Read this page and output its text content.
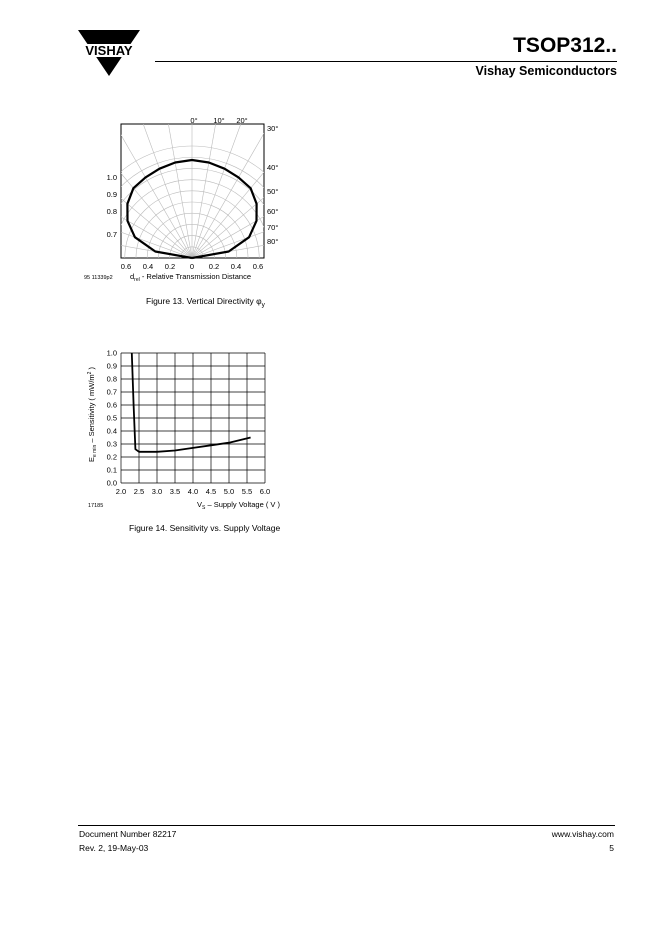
VISHAY	TSOP312..
Vishay Semiconductors
0° 10° 20°
30°
40°
50°
60°
70°
80°
1.0
0.9
0.8
0.7
0.6 0.4 0.2 0 0.2 0.4 0.6
95 11339p2 $d_{rel}$ - Relative Transmission Distance
Figure 13. Vertical Directivity $\varphi_y$
1.0
0.9
0.8
0.7
0.6
0.5
0.4
0.3
0.2
0.1
0.0
2.0 2.5 3.0 3.5 4.0 4.5 5.0 5.5 6.0
$E_{e min}$ – Sensitivity ( $mW/m^2$ )
17185	$V_S$ – Supply Voltage ( V )
Figure 14. Sensitivity vs. Supply Voltage
Document Number 82217
Rev. 2, 19-May-03
www.vishay.com
5
